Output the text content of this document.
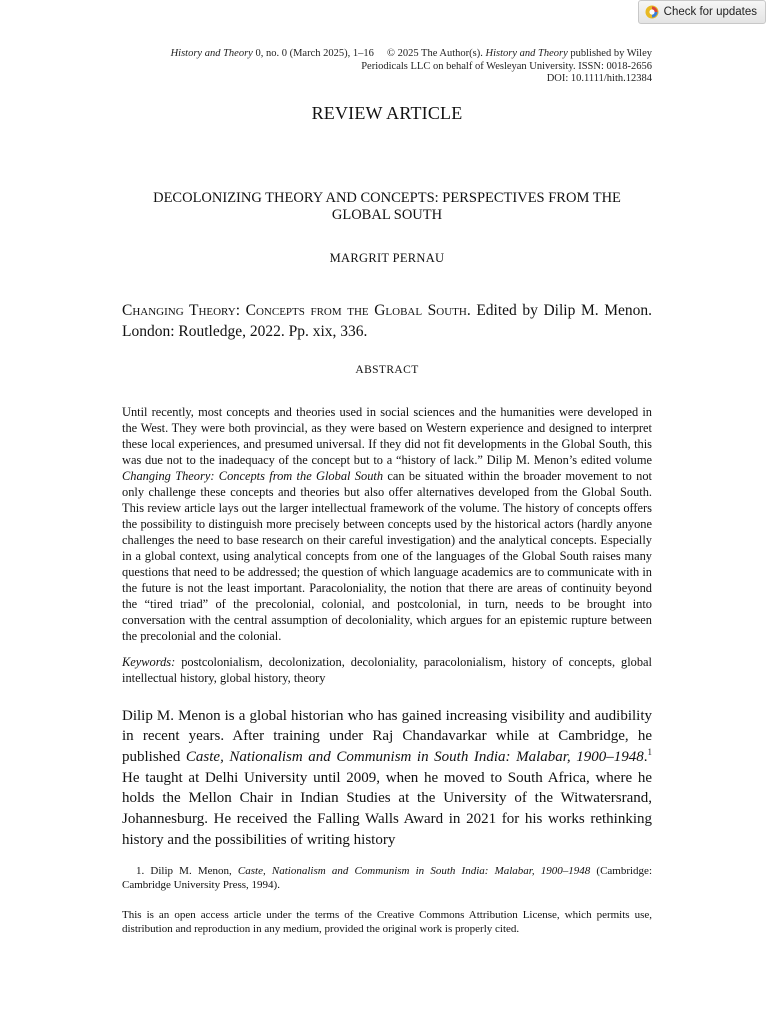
Check for updates
History and Theory 0, no. 0 (March 2025), 1–16 © 2025 The Author(s). History and Theory published by Wiley
Periodicals LLC on behalf of Wesleyan University. ISSN: 0018-2656
DOI: 10.1111/hith.12384
REVIEW ARTICLE
DECOLONIZING THEORY AND CONCEPTS: PERSPECTIVES FROM THE
GLOBAL SOUTH
MARGRIT PERNAU
Changing Theory: Concepts from the Global South. Edited by Dilip M. Menon. London: Routledge, 2022. Pp. xix, 336.
ABSTRACT
Until recently, most concepts and theories used in social sciences and the humanities were developed in the West. They were both provincial, as they were based on Western experience and designed to interpret these local experiences, and presumed universal. If they did not fit developments in the Global South, this was due not to the inadequacy of the concept but to a “history of lack.” Dilip M. Menon’s edited volume Changing Theory: Concepts from the Global South can be situated within the broader movement to not only challenge these concepts and theories but also offer alternatives developed from the Global South. This review article lays out the larger intellectual framework of the volume. The history of concepts offers the possibility to distinguish more precisely between concepts used by the historical actors (hardly anyone challenges the need to base research on their careful investigation) and the analytical concepts. Especially in a global context, using analytical concepts from one of the languages of the Global South raises many questions that need to be addressed; the question of which language academics are to communicate with in the future is not the least important. Paracoloniality, the notion that there are areas of continuity beyond the “tired triad” of the precolonial, colonial, and postcolonial, in turn, needs to be brought into conversation with the central assumption of decoloniality, which argues for an epistemic rupture between the precolonial and the colonial.
Keywords: postcolonialism, decolonization, decoloniality, paracolonialism, history of concepts, global intellectual history, global history, theory
Dilip M. Menon is a global historian who has gained increasing visibility and audibility in recent years. After training under Raj Chandavarkar while at Cambridge, he published Caste, Nationalism and Communism in South India: Malabar, 1900–1948.$^1$ He taught at Delhi University until 2009, when he moved to South Africa, where he holds the Mellon Chair in Indian Studies at the University of the Witwatersrand, Johannesburg. He received the Falling Walls Award in 2021 for his works rethinking history and the possibilities of writing history
1. Dilip M. Menon, Caste, Nationalism and Communism in South India: Malabar, 1900–1948 (Cambridge: Cambridge University Press, 1994).
This is an open access article under the terms of the Creative Commons Attribution License, which permits use, distribution and reproduction in any medium, provided the original work is properly cited.
